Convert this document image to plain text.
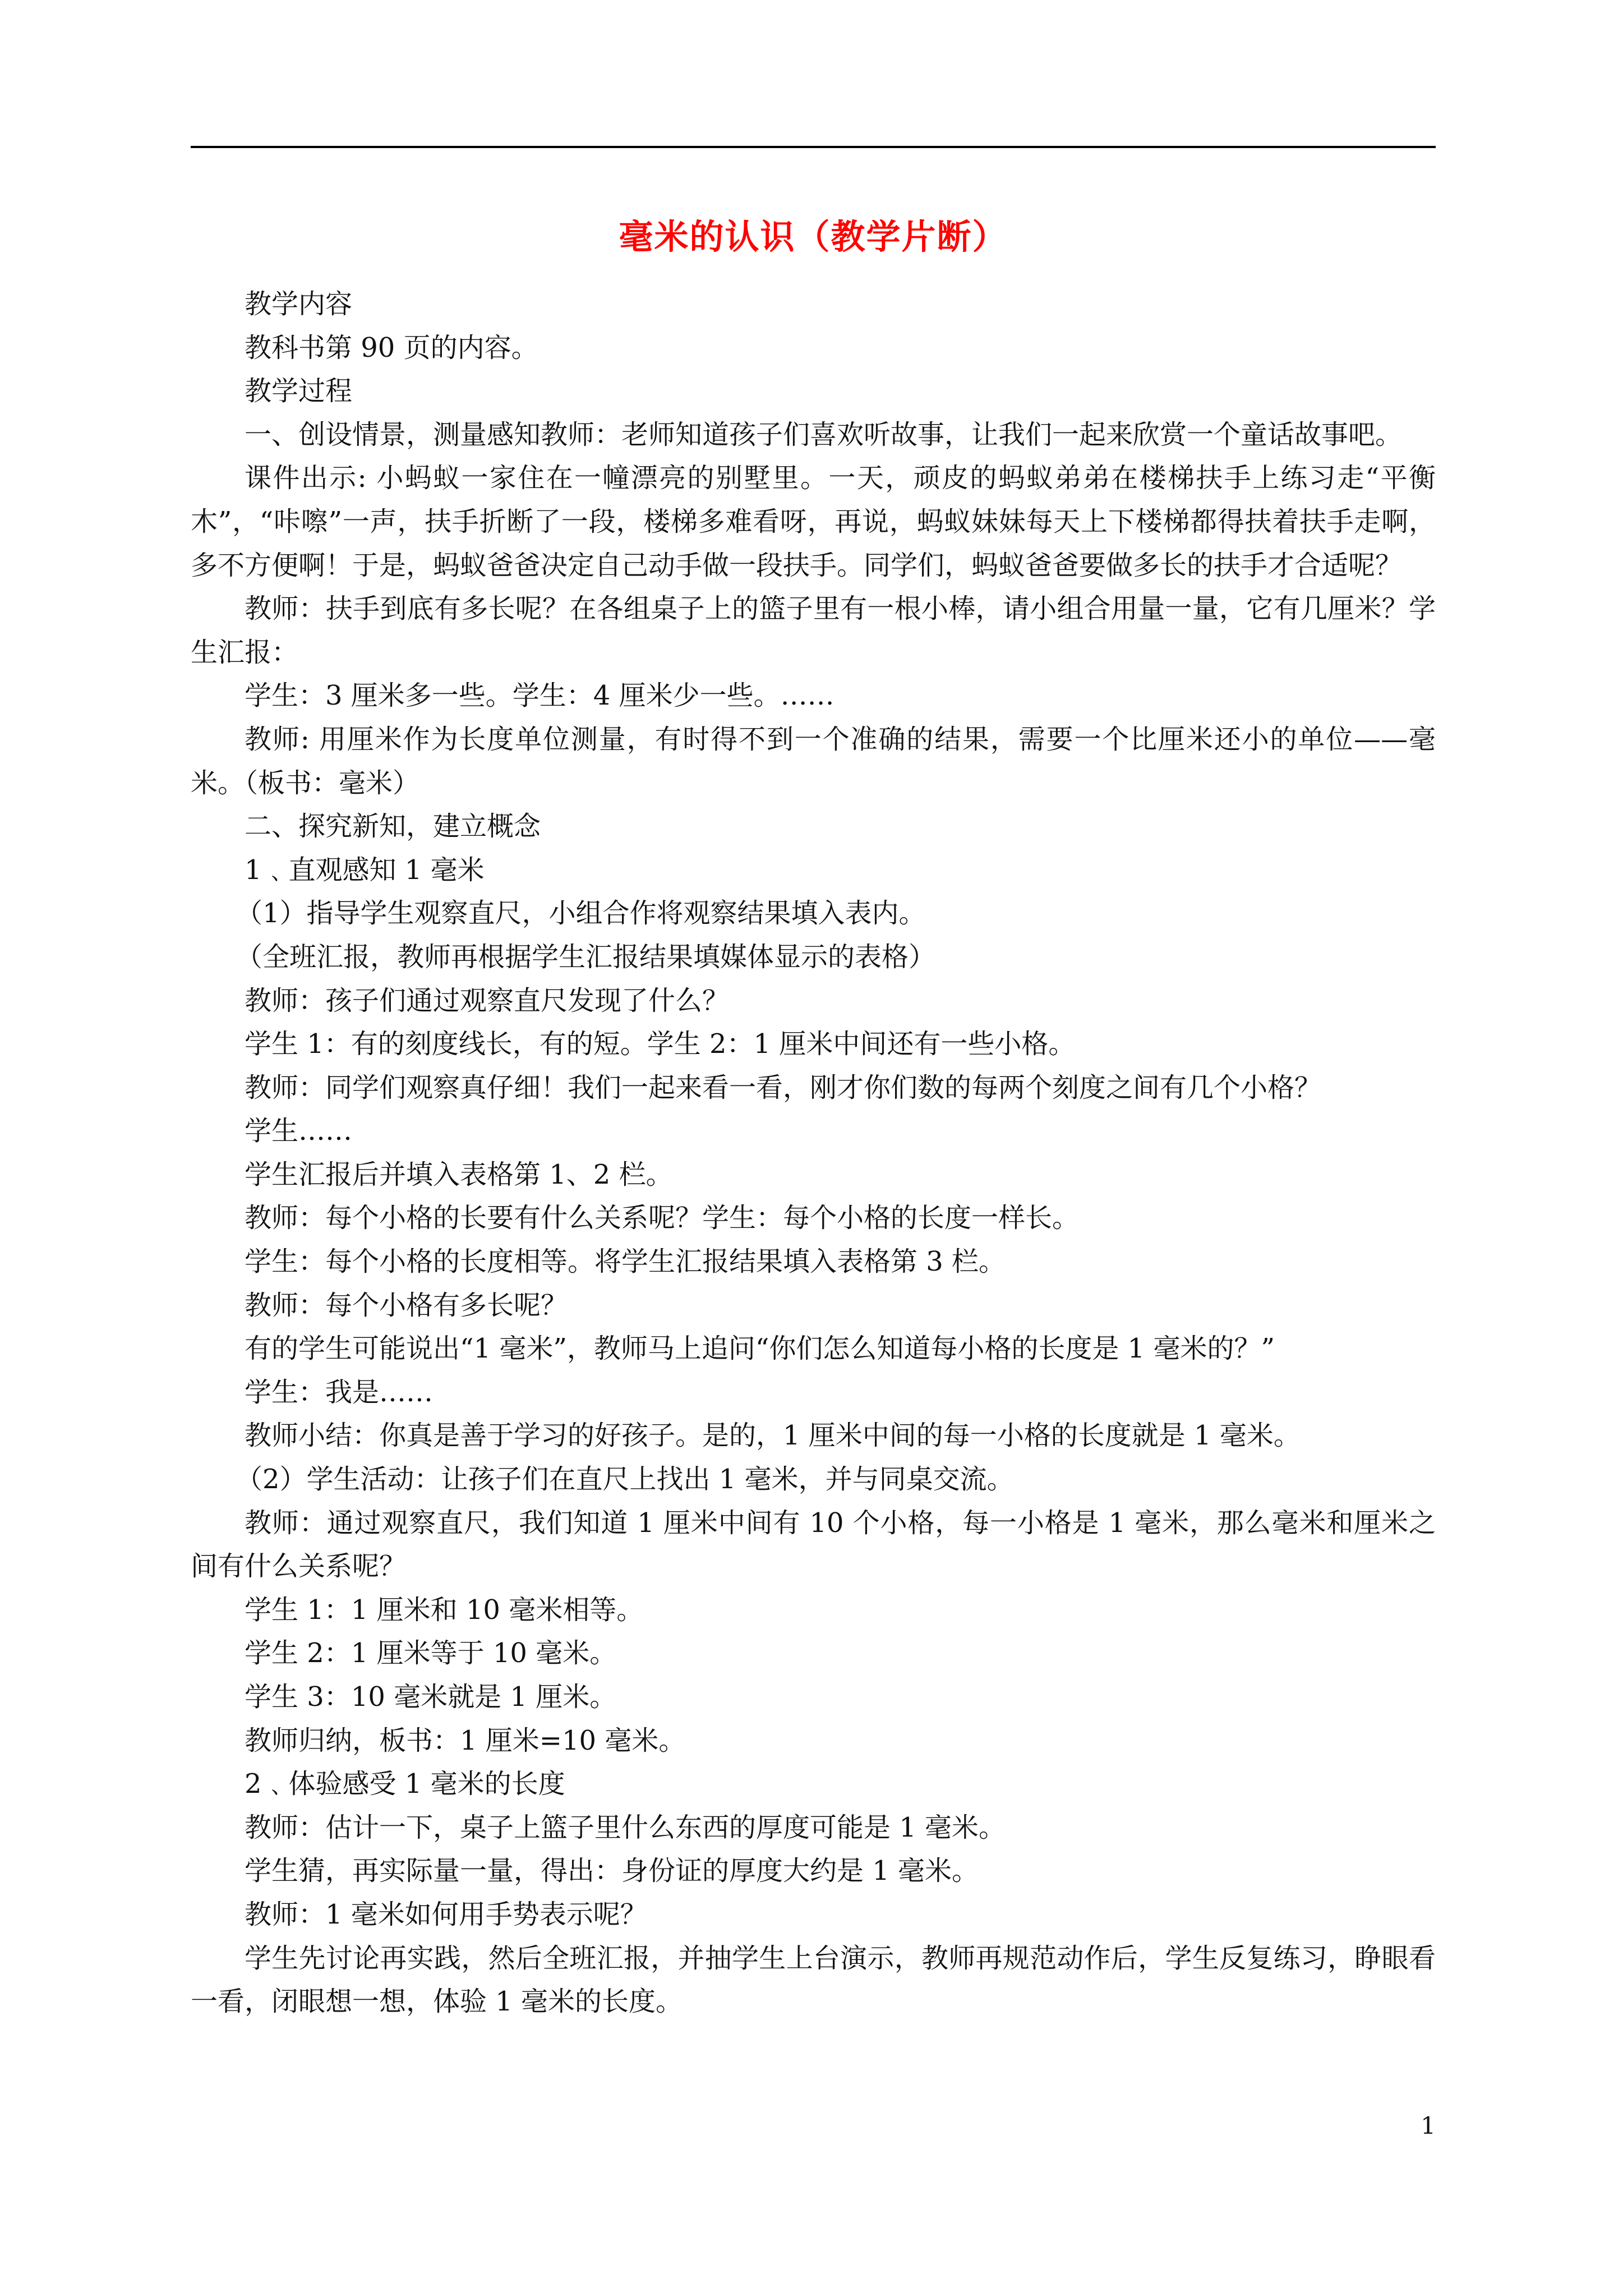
毫米的认识（教学片断）

教学内容

教科书第 90 页的内容。

教学过程

一、创设情景，测量感知教师：老师知道孩子们喜欢听故事，让我们一起来欣赏一个童话故事吧。

课件出示: 小蚂蚁一家住在一幢漂亮的别墅里。一天，顽皮的蚂蚁弟弟在楼梯扶手上练习走“平衡木”，“咔嚓”一声，扶手折断了一段，楼梯多难看呀，再说，蚂蚁妹妹每天上下楼梯都得扶着扶手走啊，多不方便啊！于是，蚂蚁爸爸决定自己动手做一段扶手。同学们，蚂蚁爸爸要做多长的扶手才合适呢？

教师：扶手到底有多长呢？在各组桌子上的篮子里有一根小棒，请小组合用量一量，它有几厘米？学生汇报：

学生：3 厘米多一些。学生：4 厘米少一些。……

教师: 用厘米作为长度单位测量，有时得不到一个准确的结果，需要一个比厘米还小的单位——毫米。（板书：毫米）

二、探究新知，建立概念

1﹑直观感知 1 毫米

（1）指导学生观察直尺，小组合作将观察结果填入表内。

（全班汇报，教师再根据学生汇报结果填媒体显示的表格）

教师：孩子们通过观察直尺发现了什么？

学生 1：有的刻度线长，有的短。学生 2：1 厘米中间还有一些小格。

教师：同学们观察真仔细！我们一起来看一看，刚才你们数的每两个刻度之间有几个小格？

学生……

学生汇报后并填入表格第 1、2 栏。

教师：每个小格的长要有什么关系呢？学生：每个小格的长度一样长。

学生：每个小格的长度相等。将学生汇报结果填入表格第 3 栏。

教师：每个小格有多长呢？

有的学生可能说出“1 毫米”，教师马上追问“你们怎么知道每小格的长度是 1 毫米的？”

学生：我是……

教师小结：你真是善于学习的好孩子。是的，1 厘米中间的每一小格的长度就是 1 毫米。

（2）学生活动：让孩子们在直尺上找出 1 毫米，并与同桌交流。

教师：通过观察直尺，我们知道 1 厘米中间有 10 个小格，每一小格是 1 毫米，那么毫米和厘米之间有什么关系呢？

学生 1：1 厘米和 10 毫米相等。

学生 2：1 厘米等于 10 毫米。

学生 3：10 毫米就是 1 厘米。

教师归纳，板书：1 厘米=10 毫米。

2﹑体验感受 1 毫米的长度

教师：估计一下，桌子上篮子里什么东西的厚度可能是 1 毫米。

学生猜，再实际量一量，得出：身份证的厚度大约是 1 毫米。

教师：1 毫米如何用手势表示呢？

学生先讨论再实践，然后全班汇报，并抽学生上台演示，教师再规范动作后，学生反复练习，睁眼看一看，闭眼想一想，体验 1 毫米的长度。

1
